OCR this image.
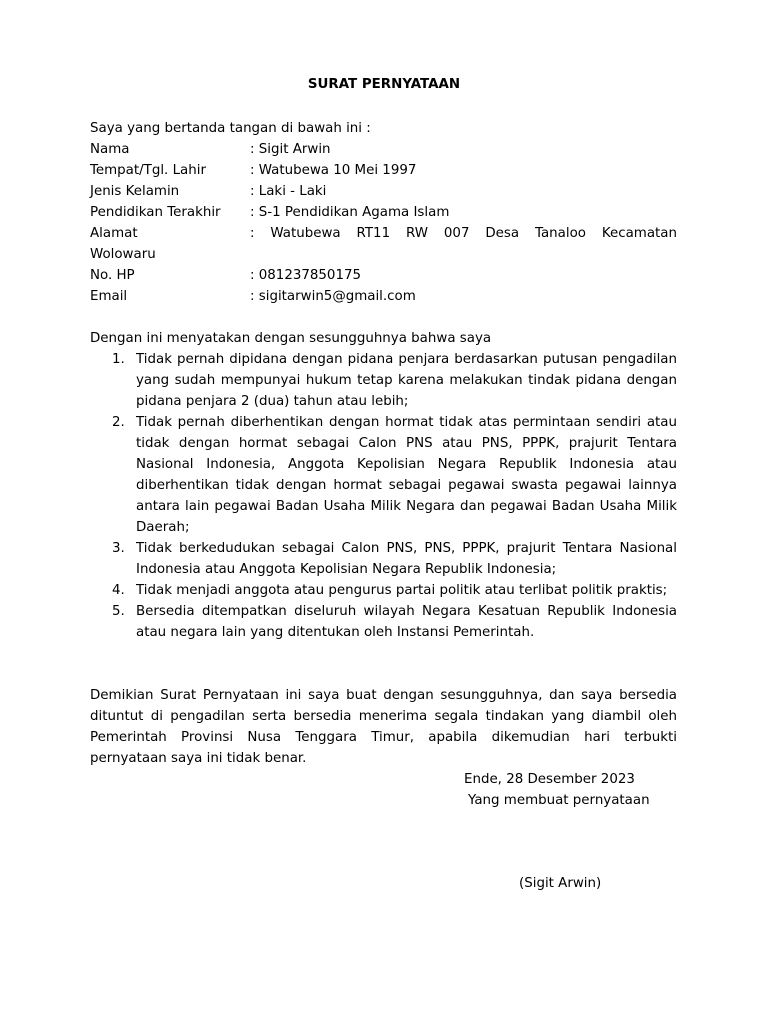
SURAT PERNYATAAN

Saya yang bertanda tangan di bawah ini :

Nama	: Sigit Arwin
Tempat/Tgl. Lahir	: Watubewa 10 Mei 1997
Jenis Kelamin	: Laki - Laki
Pendidikan Terakhir	: S-1 Pendidikan Agama Islam
Alamat	: Watubewa RT11 RW 007 Desa Tanaloo Kecamatan
Wolowaru
No. HP	: 081237850175
Email	: sigitarwin5@gmail.com

Dengan ini menyatakan dengan sesungguhnya bahwa saya

1. Tidak pernah dipidana dengan pidana penjara berdasarkan putusan pengadilan yang sudah mempunyai hukum tetap karena melakukan tindak pidana dengan pidana penjara 2 (dua) tahun atau lebih;
2. Tidak pernah diberhentikan dengan hormat tidak atas permintaan sendiri atau tidak dengan hormat sebagai Calon PNS atau PNS, PPPK, prajurit Tentara Nasional Indonesia, Anggota Kepolisian Negara Republik Indonesia atau diberhentikan tidak dengan hormat sebagai pegawai swasta pegawai lainnya antara lain pegawai Badan Usaha Milik Negara dan pegawai Badan Usaha Milik Daerah;
3. Tidak berkedudukan sebagai Calon PNS, PNS, PPPK, prajurit Tentara Nasional Indonesia atau Anggota Kepolisian Negara Republik Indonesia;
4. Tidak menjadi anggota atau pengurus partai politik atau terlibat politik praktis;
5. Bersedia ditempatkan diseluruh wilayah Negara Kesatuan Republik Indonesia atau negara lain yang ditentukan oleh Instansi Pemerintah.

Demikian Surat Pernyataan ini saya buat dengan sesungguhnya, dan saya bersedia dituntut di pengadilan serta bersedia menerima segala tindakan yang diambil oleh Pemerintah Provinsi Nusa Tenggara Timur, apabila dikemudian hari terbukti pernyataan saya ini tidak benar.

Ende, 28 Desember 2023
Yang membuat pernyataan
(Sigit Arwin)
